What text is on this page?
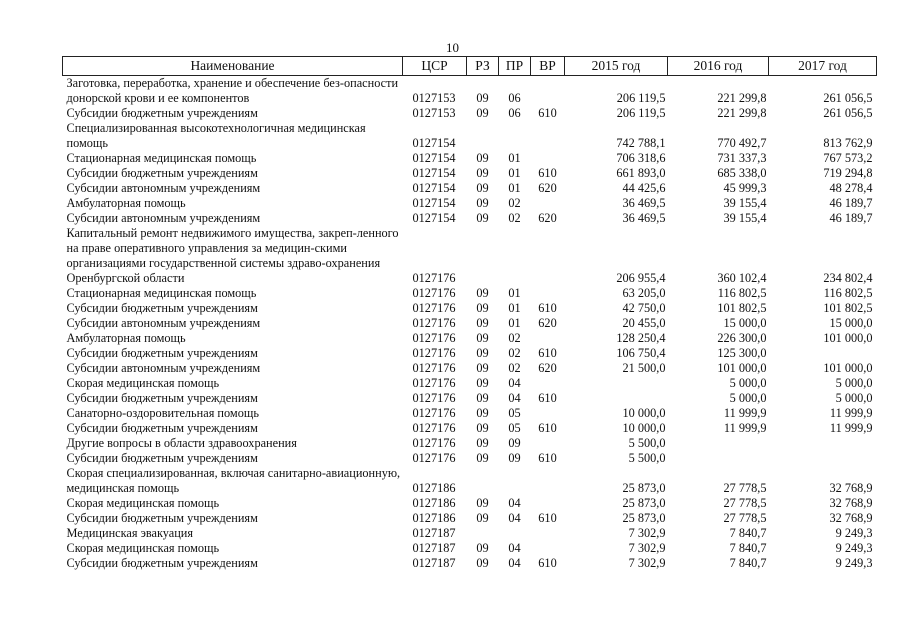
10
Наименование	ЦСР	РЗ	ПР	ВР	2015 год	2016 год	2017 год
Заготовка, переработка, хранение и обеспечение без-опасности донорской крови и ее компонентов	0127153	09	06		206 119,5	221 299,8	261 056,5
Субсидии бюджетным учреждениям	0127153	09	06	610	206 119,5	221 299,8	261 056,5
Специализированная высокотехнологичная медицинская помощь	0127154				742 788,1	770 492,7	813 762,9
Стационарная медицинская помощь	0127154	09	01		706 318,6	731 337,3	767 573,2
Субсидии бюджетным учреждениям	0127154	09	01	610	661 893,0	685 338,0	719 294,8
Субсидии автономным учреждениям	0127154	09	01	620	44 425,6	45 999,3	48 278,4
Амбулаторная помощь	0127154	09	02		36 469,5	39 155,4	46 189,7
Субсидии автономным учреждениям	0127154	09	02	620	36 469,5	39 155,4	46 189,7
Капитальный ремонт недвижимого имущества, закреп-ленного на праве оперативного управления за медицин-скими организациями государственной системы здраво-охранения Оренбургской области	0127176				206 955,4	360 102,4	234 802,4
Стационарная медицинская помощь	0127176	09	01		63 205,0	116 802,5	116 802,5
Субсидии бюджетным учреждениям	0127176	09	01	610	42 750,0	101 802,5	101 802,5
Субсидии автономным учреждениям	0127176	09	01	620	20 455,0	15 000,0	15 000,0
Амбулаторная помощь	0127176	09	02		128 250,4	226 300,0	101 000,0
Субсидии бюджетным учреждениям	0127176	09	02	610	106 750,4	125 300,0	
Субсидии автономным учреждениям	0127176	09	02	620	21 500,0	101 000,0	101 000,0
Скорая медицинская помощь	0127176	09	04			5 000,0	5 000,0
Субсидии бюджетным учреждениям	0127176	09	04	610		5 000,0	5 000,0
Санаторно-оздоровительная помощь	0127176	09	05		10 000,0	11 999,9	11 999,9
Субсидии бюджетным учреждениям	0127176	09	05	610	10 000,0	11 999,9	11 999,9
Другие вопросы в области здравоохранения	0127176	09	09		5 500,0		
Субсидии бюджетным учреждениям	0127176	09	09	610	5 500,0		
Скорая специализированная, включая санитарно-авиационную, медицинская помощь	0127186				25 873,0	27 778,5	32 768,9
Скорая медицинская помощь	0127186	09	04		25 873,0	27 778,5	32 768,9
Субсидии бюджетным учреждениям	0127186	09	04	610	25 873,0	27 778,5	32 768,9
Медицинская эвакуация	0127187				7 302,9	7 840,7	9 249,3
Скорая медицинская помощь	0127187	09	04		7 302,9	7 840,7	9 249,3
Субсидии бюджетным учреждениям	0127187	09	04	610	7 302,9	7 840,7	9 249,3
